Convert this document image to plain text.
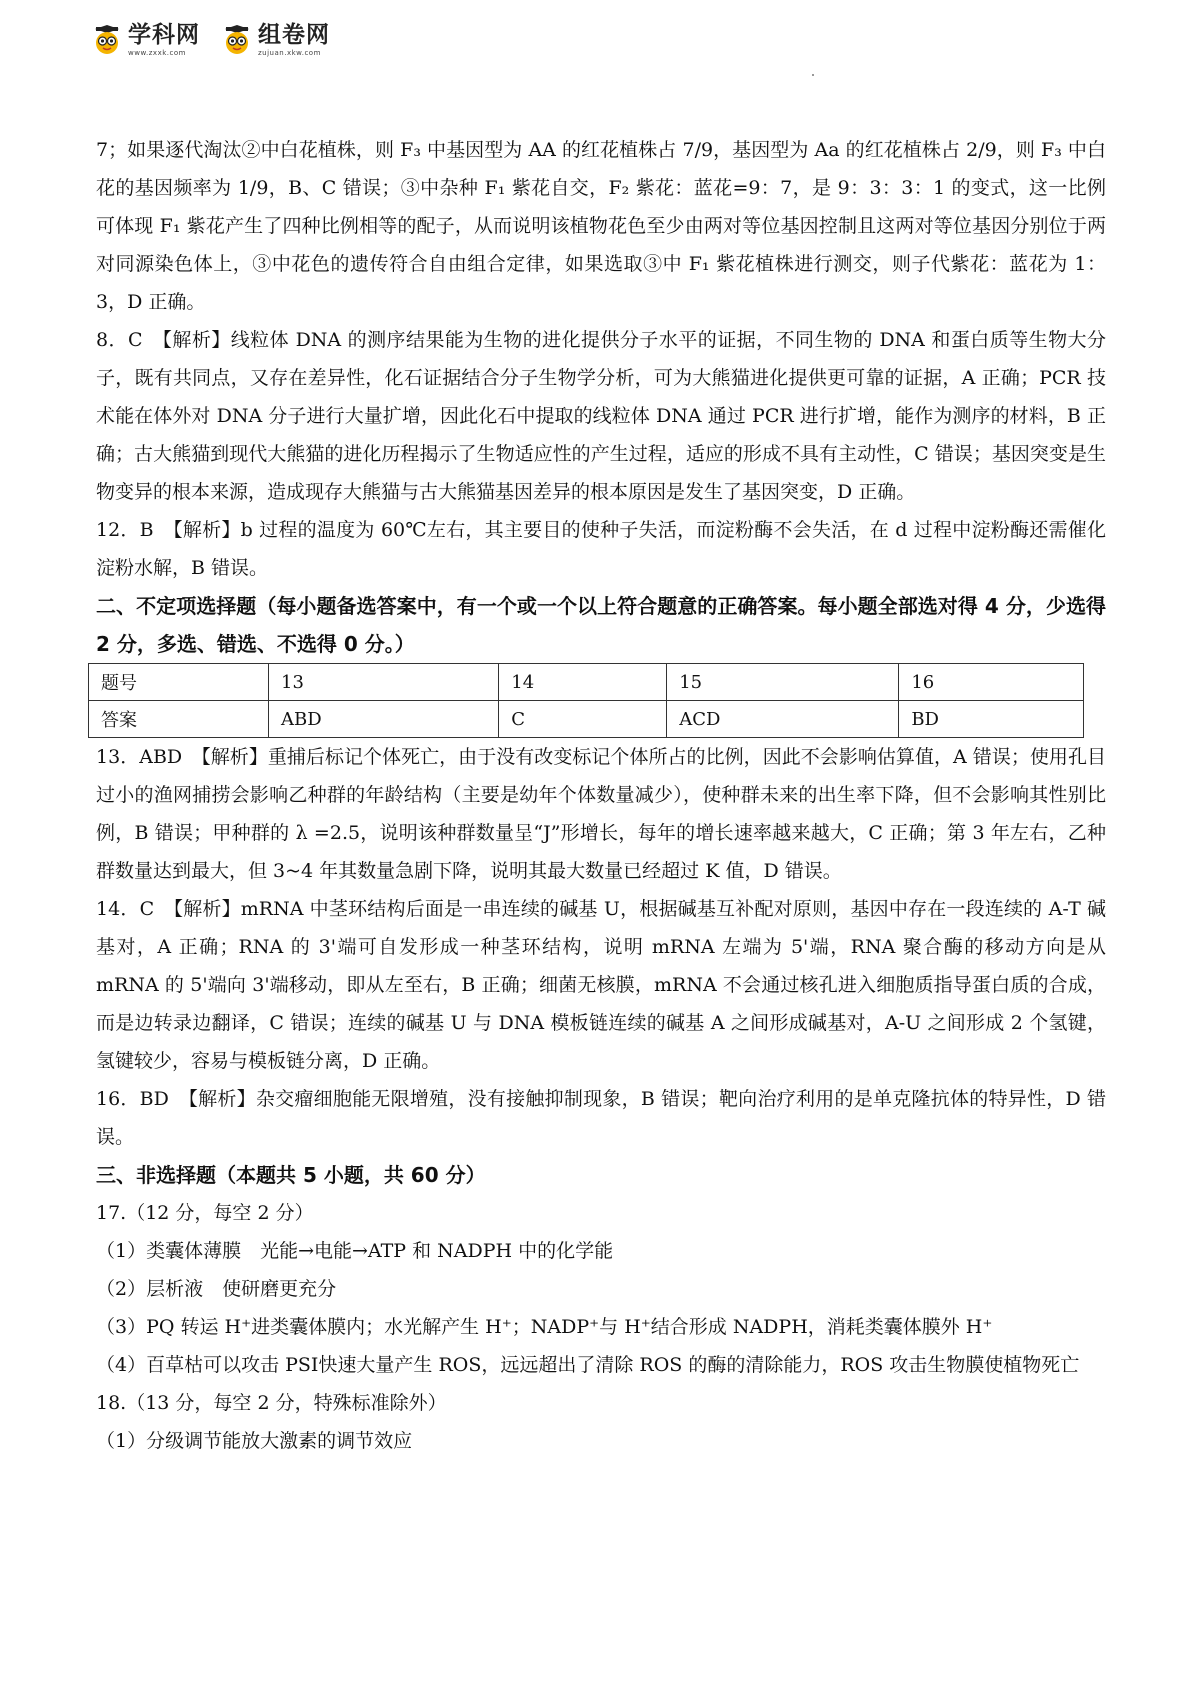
学科网
www.zxxk.com
组卷网
zujuan.xkw.com

7；如果逐代淘汰②中白花植株，则 F₃ 中基因型为 AA 的红花植株占 7/9，基因型为 Aa 的红花植株占 2/9，则 F₃ 中白花的基因频率为 1/9，B、C 错误；③中杂种 F₁ 紫花自交，F₂ 紫花：蓝花=9：7，是 9：3：3：1 的变式，这一比例可体现 F₁ 紫花产生了四种比例相等的配子，从而说明该植物花色至少由两对等位基因控制且这两对等位基因分别位于两对同源染色体上，③中花色的遗传符合自由组合定律，如果选取③中 F₁ 紫花植株进行测交，则子代紫花：蓝花为 1：3，D 正确。

8．C　【解析】线粒体 DNA 的测序结果能为生物的进化提供分子水平的证据，不同生物的 DNA 和蛋白质等生物大分子，既有共同点，又存在差异性，化石证据结合分子生物学分析，可为大熊猫进化提供更可靠的证据，A 正确；PCR 技术能在体外对 DNA 分子进行大量扩增，因此化石中提取的线粒体 DNA 通过 PCR 进行扩增，能作为测序的材料，B 正确；古大熊猫到现代大熊猫的进化历程揭示了生物适应性的产生过程，适应的形成不具有主动性，C 错误；基因突变是生物变异的根本来源，造成现存大熊猫与古大熊猫基因差异的根本原因是发生了基因突变，D 正确。

12．B　【解析】b 过程的温度为 60℃左右，其主要目的使种子失活，而淀粉酶不会失活，在 d 过程中淀粉酶还需催化淀粉水解，B 错误。

二、不定项选择题（每小题备选答案中，有一个或一个以上符合题意的正确答案。每小题全部选对得 4 分，少选得 2 分，多选、错选、不选得 0 分。）

题号	13	14	15	16
答案	ABD	C	ACD	BD

13．ABD　【解析】重捕后标记个体死亡，由于没有改变标记个体所占的比例，因此不会影响估算值，A 错误；使用孔目过小的渔网捕捞会影响乙种群的年龄结构（主要是幼年个体数量减少），使种群未来的出生率下降，但不会影响其性别比例，B 错误；甲种群的 λ =2.5，说明该种群数量呈“J”形增长，每年的增长速率越来越大，C 正确；第 3 年左右，乙种群数量达到最大，但 3~4 年其数量急剧下降，说明其最大数量已经超过 K 值，D 错误。

14．C　【解析】mRNA 中茎环结构后面是一串连续的碱基 U，根据碱基互补配对原则，基因中存在一段连续的 A-T 碱基对，A 正确；RNA 的 3'端可自发形成一种茎环结构，说明 mRNA 左端为 5'端，RNA 聚合酶的移动方向是从 mRNA 的 5'端向 3'端移动，即从左至右，B 正确；细菌无核膜，mRNA 不会通过核孔进入细胞质指导蛋白质的合成，而是边转录边翻译，C 错误；连续的碱基 U 与 DNA 模板链连续的碱基 A 之间形成碱基对，A-U 之间形成 2 个氢键，氢键较少，容易与模板链分离，D 正确。

16．BD　【解析】杂交瘤细胞能无限增殖，没有接触抑制现象，B 错误；靶向治疗利用的是单克隆抗体的特异性，D 错误。

三、非选择题（本题共 5 小题，共 60 分）

17.（12 分，每空 2 分）

（1）类囊体薄膜　光能→电能→ATP 和 NADPH 中的化学能

（2）层析液　使研磨更充分

（3）PQ 转运 H⁺进类囊体膜内；水光解产生 H⁺；NADP⁺与 H⁺结合形成 NADPH，消耗类囊体膜外 H⁺

（4）百草枯可以攻击 PSⅠ快速大量产生 ROS，远远超出了清除 ROS 的酶的清除能力，ROS 攻击生物膜使植物死亡

18.（13 分，每空 2 分，特殊标准除外）

（1）分级调节能放大激素的调节效应
